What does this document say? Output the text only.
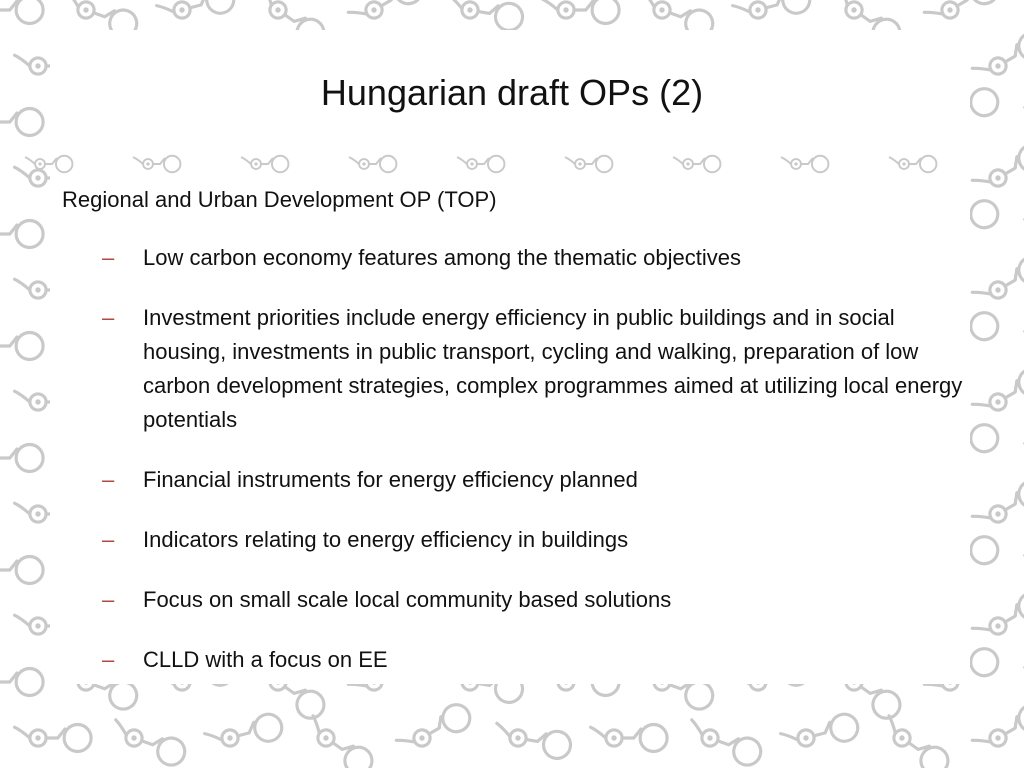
Hungarian draft OPs (2)
Regional and Urban Development OP (TOP)
– Low carbon economy features among the thematic objectives
– Investment priorities include energy efficiency in public buildings and in social housing, investments in public transport, cycling and walking, preparation of low carbon development strategies, complex programmes aimed at utilizing local energy potentials
– Financial instruments for energy efficiency planned
– Indicators relating to energy efficiency in buildings
– Focus on small scale local community based solutions
– CLLD with a focus on EE
